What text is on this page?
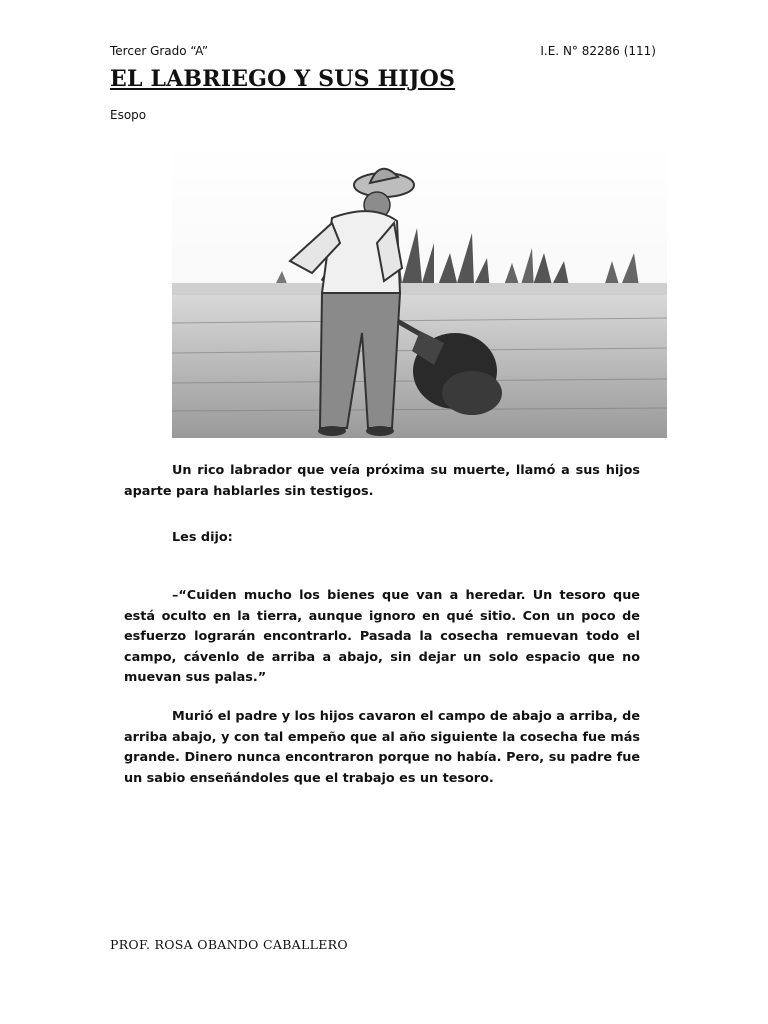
Tercer Grado “A”	I.E. N° 82286 (111)
EL LABRIEGO Y SUS HIJOS
Esopo
Un rico labrador que veía próxima su muerte, llamó a sus hijos aparte para hablarles sin testigos.
Les dijo:
–“Cuiden mucho los bienes que van a heredar. Un tesoro que está oculto en la tierra, aunque ignoro en qué sitio. Con un poco de esfuerzo lograrán encontrarlo. Pasada la cosecha remuevan todo el campo, cávenlo de arriba a abajo, sin dejar un solo espacio que no muevan sus palas.”
Murió el padre y los hijos cavaron el campo de abajo a arriba, de arriba abajo, y con tal empeño que al año siguiente la cosecha fue más grande. Dinero nunca encontraron porque no había. Pero, su padre fue un sabio enseñándoles que el trabajo es un tesoro.
PROF. ROSA OBANDO CABALLERO
